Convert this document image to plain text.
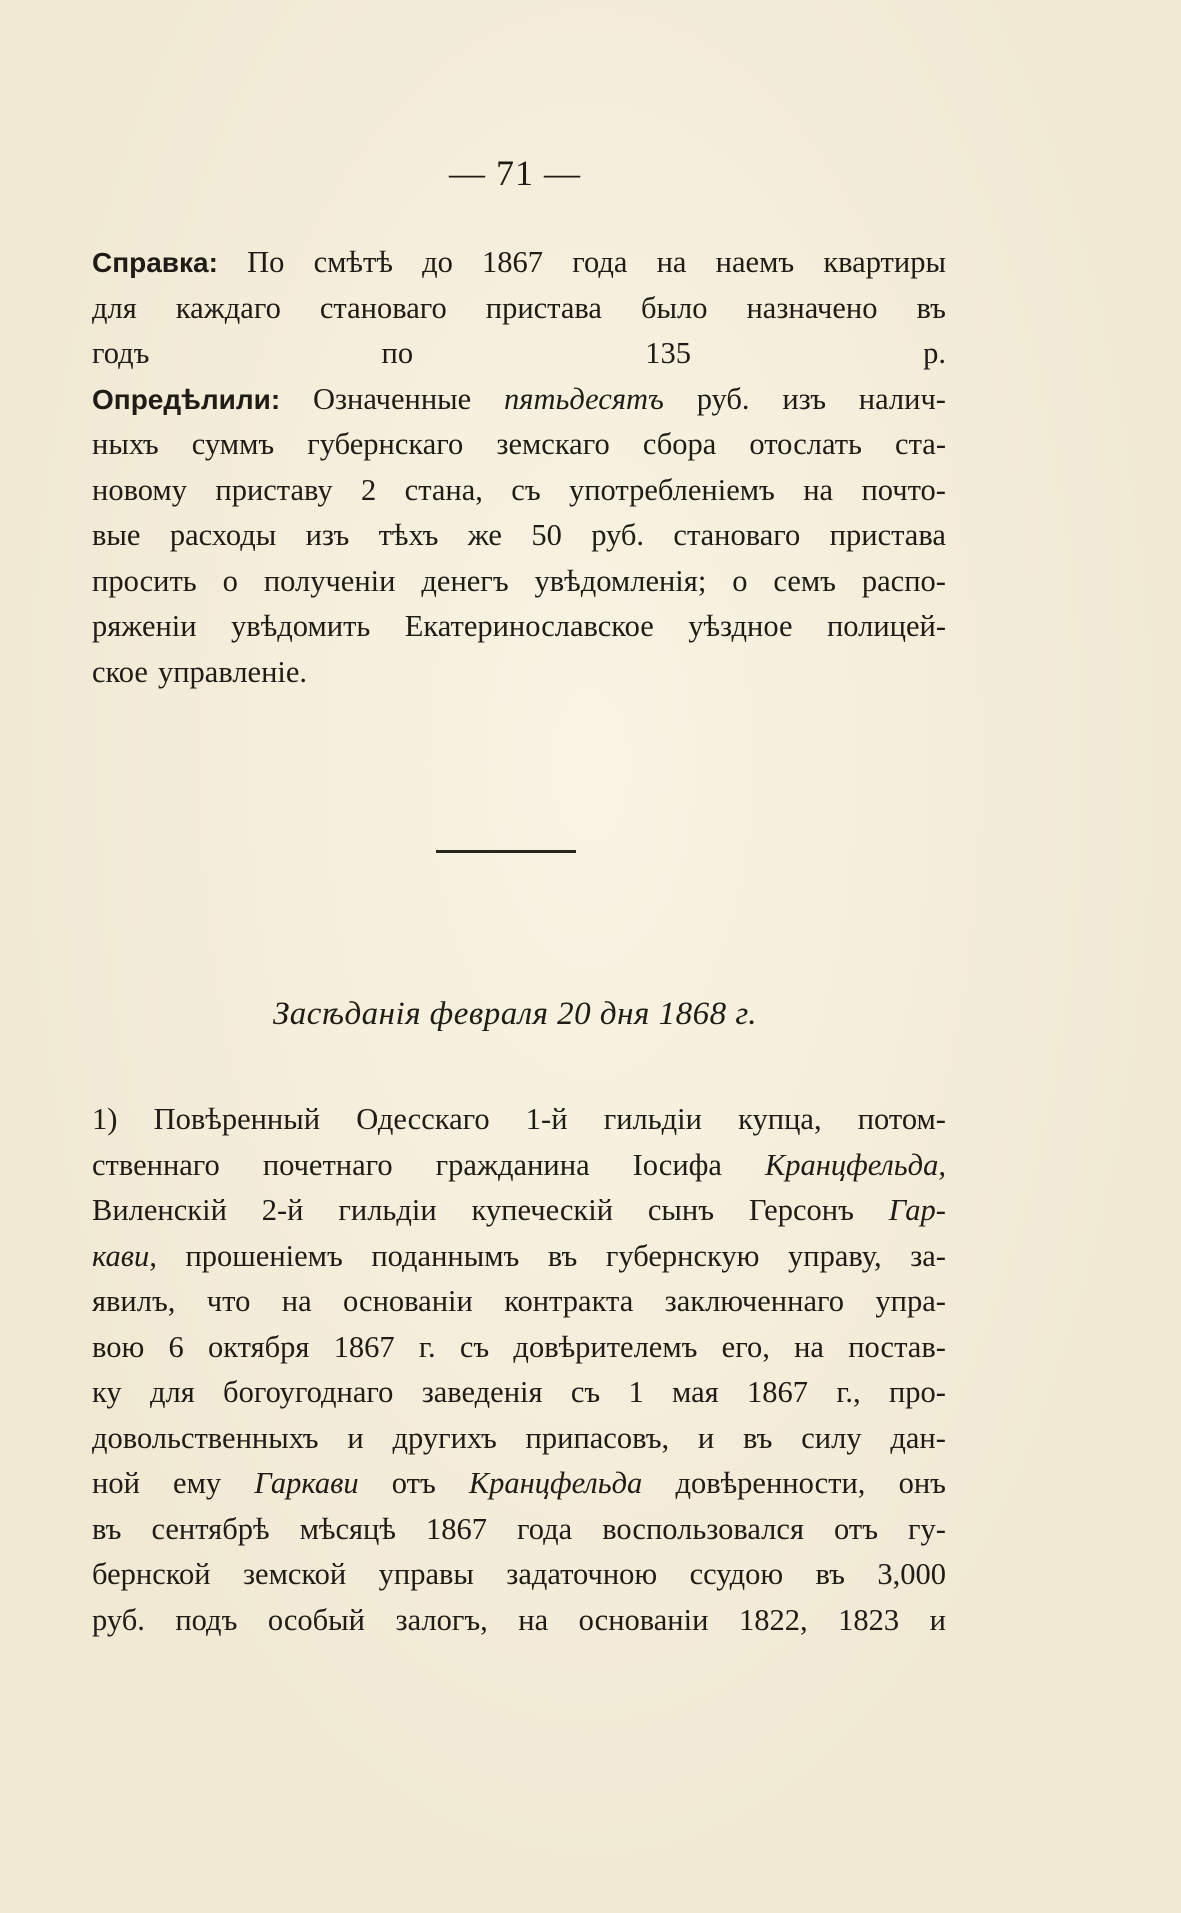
— 71 —
Справка: По смѣтѣ до 1867 года на наемъ квартиры
для каждаго становаго пристава было назначено въ
годъ	по	135	р.
Опредѣлили: Означенные пятьдесятъ руб. изъ налич-
ныхъ суммъ губернскаго земскаго сбора отослать ста-
новому приставу 2 стана, съ употребленіемъ на почто-
вые расходы изъ тѣхъ же 50 руб. становаго пристава
просить о полученіи денегъ увѣдомленія; о семъ распо-
ряженіи увѣдомить Екатеринославское уѣздное полицей-
ское управленіе.
Засѣданія февраля 20 дня 1868 г.
1) Повѣренный Одесскаго 1-й гильдіи купца, потом-
ственнаго почетнаго гражданина Іосифа Кранцфельда,
Виленскій 2-й гильдіи купеческій сынъ Герсонъ Гар-
кави, прошеніемъ поданнымъ въ губернскую управу, за-
явилъ, что на основаніи контракта заключеннаго упра-
вою 6 октября 1867 г. съ довѣрителемъ его, на постав-
ку для богоугоднаго заведенія съ 1 мая 1867 г., про-
довольственныхъ и другихъ припасовъ, и въ силу дан-
ной ему Гаркави отъ Кранцфельда довѣренности, онъ
въ сентябрѣ мѣсяцѣ 1867 года воспользовался отъ гу-
бернской земской управы задаточною ссудою въ 3,000
руб. подъ особый залогъ, на основаніи 1822, 1823 и
